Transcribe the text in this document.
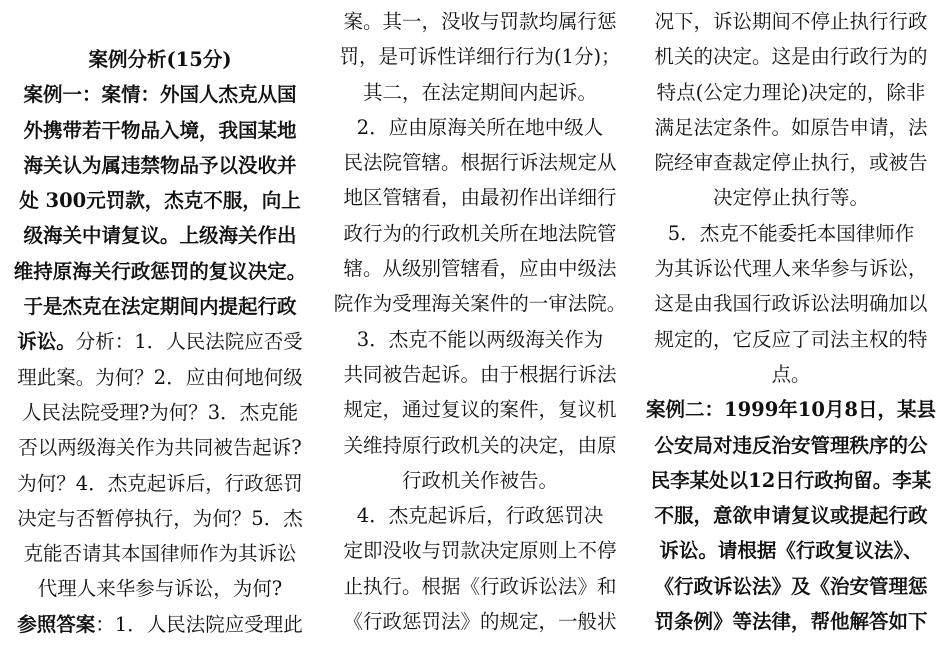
案例分析(15分)
案例一：案情：外国人杰克从国
外携带若干物品入境，我国某地
海关认为属违禁物品予以没收并
处 300元罚款，杰克不服，向上
级海关中请复议。上级海关作出
维持原海关行政惩罚的复议决定。
于是杰克在法定期间内提起行政
诉讼。分析：1．人民法院应否受
理此案。为何？2．应由何地何级
人民法院受理?为何？3．杰克能
否以两级海关作为共同被告起诉?
为何？4．杰克起诉后，行政惩罚
决定与否暂停执行，为何？5．杰
克能否请其本国律师作为其诉讼
代理人来华参与诉讼，为何?
参照答案：1．人民法院应受理此
案。其一，没收与罚款均属行惩
罚，是可诉性详细行行为(1分)；
其二，在法定期间内起诉。
2．应由原海关所在地中级人
民法院管辖。根据行诉法规定从
地区管辖看，由最初作出详细行
政行为的行政机关所在地法院管
辖。从级别管辖看，应由中级法
院作为受理海关案件的一审法院。
3．杰克不能以两级海关作为
共同被告起诉。由于根据行诉法
规定，通过复议的案件，复议机
关维持原行政机关的决定，由原
行政机关作被告。
4．杰克起诉后，行政惩罚决
定即没收与罚款决定原则上不停
止执行。根据《行政诉讼法》和
《行政惩罚法》的规定，一般状
况下，诉讼期间不停止执行行政
机关的决定。这是由行政行为的
特点(公定力理论)决定的，除非
满足法定条件。如原告申请，法
院经审查裁定停止执行，或被告
决定停止执行等。
5．杰克不能委托本国律师作
为其诉讼代理人来华参与诉讼，
这是由我国行政诉讼法明确加以
规定的，它反应了司法主权的特
点。
案例二：1999年10月8日，某县
公安局对违反治安管理秩序的公
民李某处以12日行政拘留。李某
不服，意欲申请复议或提起行政
诉讼。请根据《行政复议法》、
《行政诉讼法》及《治安管理惩
罚条例》等法律，帮他解答如下
